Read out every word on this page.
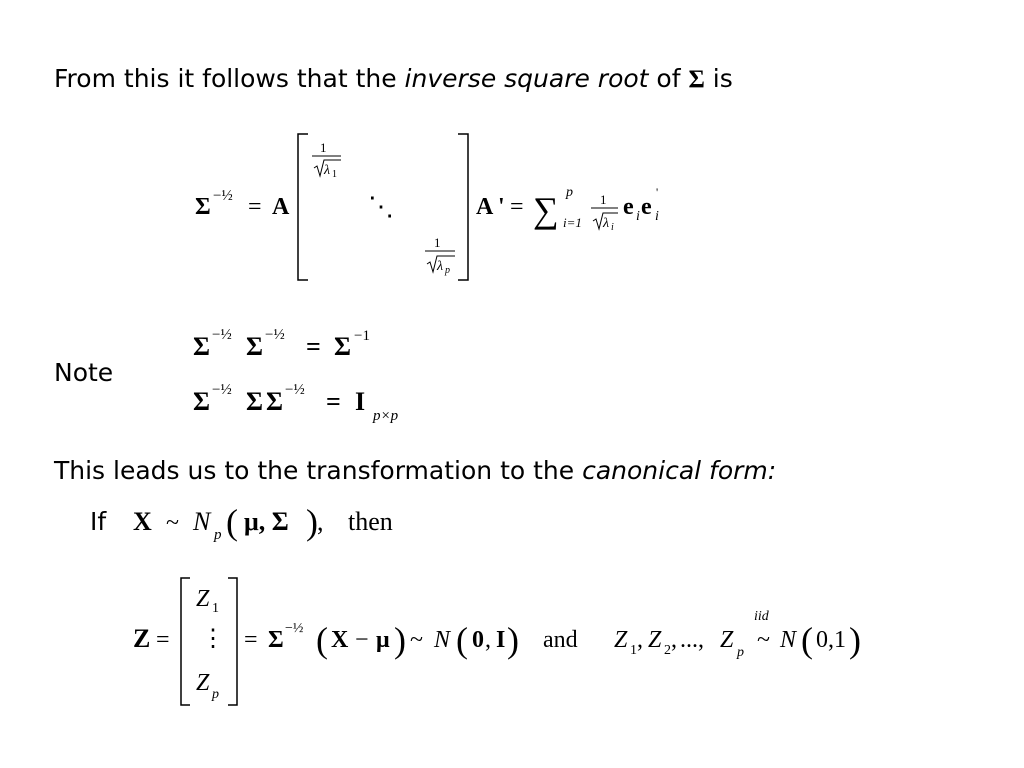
From this it follows that the inverse square root of Σ is
Σ −½ = A
1
λ 1
⋱
1
λ p
A ' = ∑ p
i=1
1
λ i
e i e i
'
Note
Σ −½ Σ −½ = Σ −1
Σ −½ Σ Σ −½ = I p×p
This leads us to the transformation to the canonical form:
If X ~ N p ( μ, Σ ) , then
Z =
Z 1
⋮
Z p
= Σ −½ ( X − μ ) ~ N ( 0 , I ) and Z 1 , Z 2 , ..., Z p
iid
~ N ( 0,1 )
